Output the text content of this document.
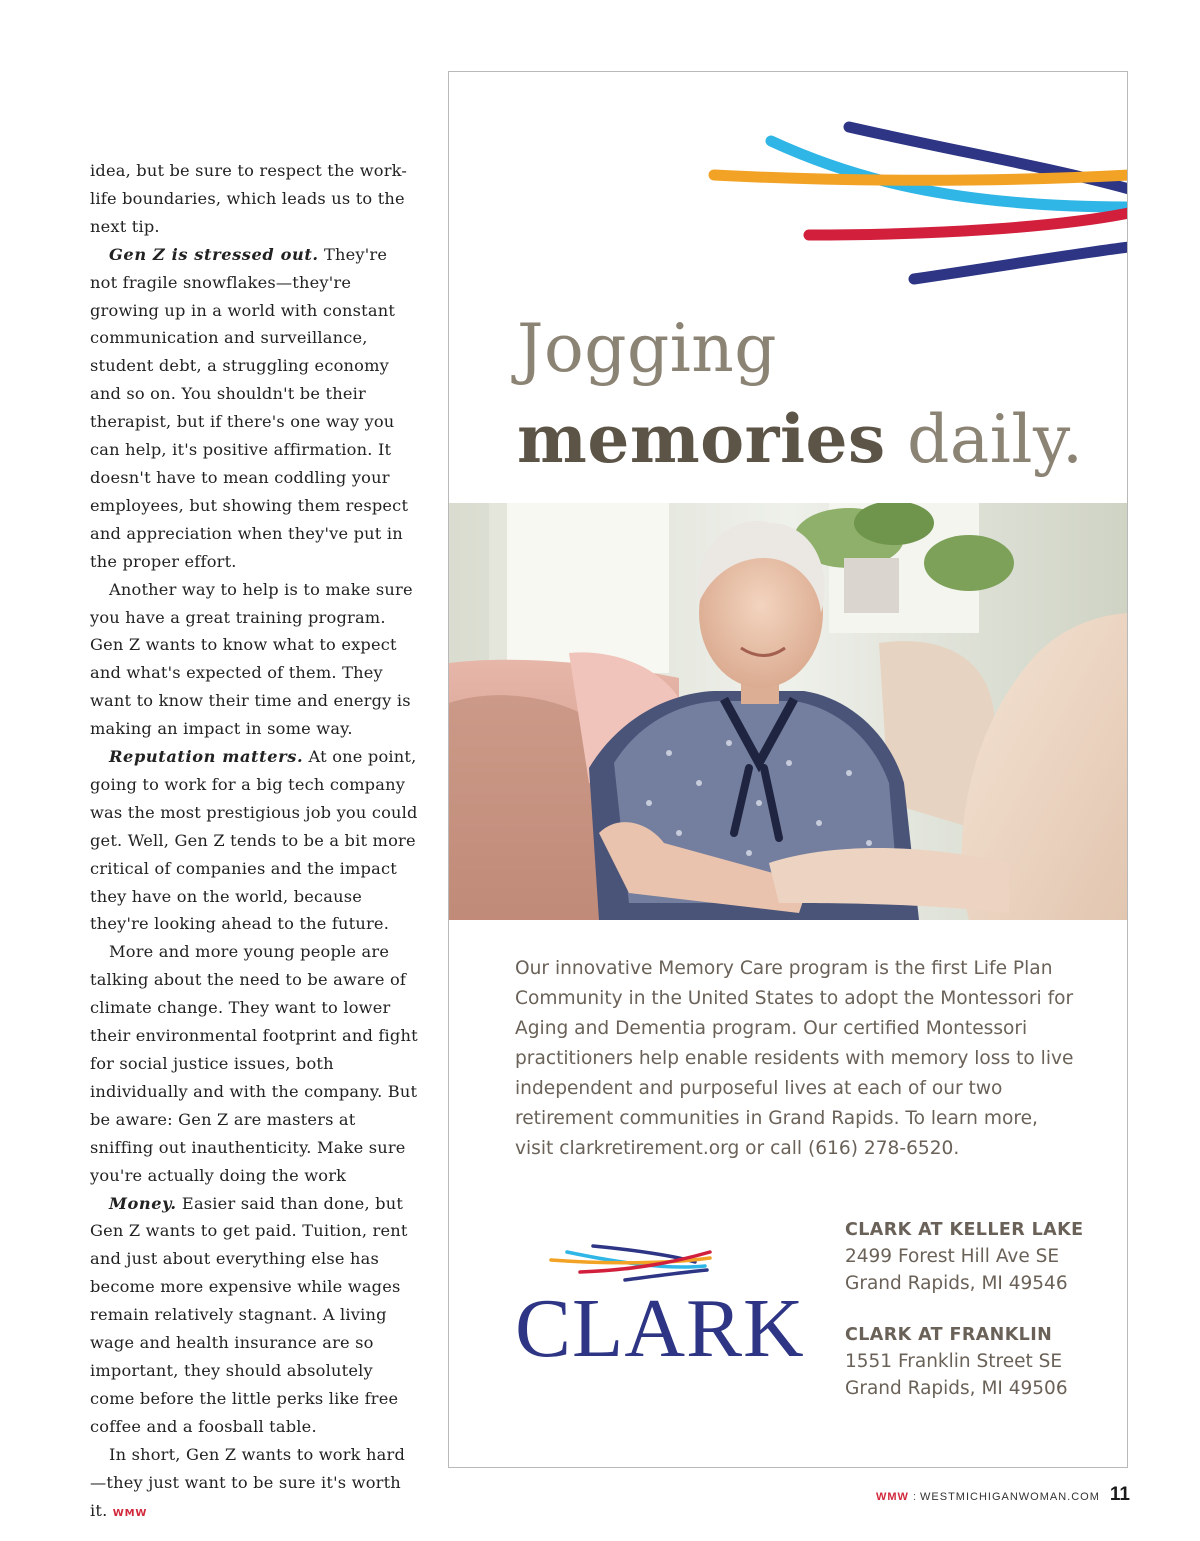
idea, but be sure to respect the work-life boundaries, which leads us to the next tip.

Gen Z is stressed out. They're not fragile snowflakes—they're growing up in a world with constant communication and surveillance, student debt, a struggling economy and so on. You shouldn't be their therapist, but if there's one way you can help, it's positive affirmation. It doesn't have to mean coddling your employees, but showing them respect and appreciation when they've put in the proper effort.

Another way to help is to make sure you have a great training program. Gen Z wants to know what to expect and what's expected of them. They want to know their time and energy is making an impact in some way.

Reputation matters. At one point, going to work for a big tech company was the most prestigious job you could get. Well, Gen Z tends to be a bit more critical of companies and the impact they have on the world, because they're looking ahead to the future.

More and more young people are talking about the need to be aware of climate change. They want to lower their environmental footprint and fight for social justice issues, both individually and with the company. But be aware: Gen Z are masters at sniffing out inauthenticity. Make sure you're actually doing the work

Money. Easier said than done, but Gen Z wants to get paid. Tuition, rent and just about everything else has become more expensive while wages remain relatively stagnant. A living wage and health insurance are so important, they should absolutely come before the little perks like free coffee and a foosball table.

In short, Gen Z wants to work hard—they just want to be sure it's worth it. WMW

Jogging
memories daily.

Our innovative Memory Care program is the first Life Plan Community in the United States to adopt the Montessori for Aging and Dementia program. Our certified Montessori practitioners help enable residents with memory loss to live independent and purposeful lives at each of our two retirement communities in Grand Rapids. To learn more, visit clarkretirement.org or call (616) 278-6520.

CLARK
CLARK AT KELLER LAKE
2499 Forest Hill Ave SE
Grand Rapids, MI 49546
CLARK AT FRANKLIN
1551 Franklin Street SE
Grand Rapids, MI 49506
WMW : WESTMICHIGANWOMAN.COM 11
